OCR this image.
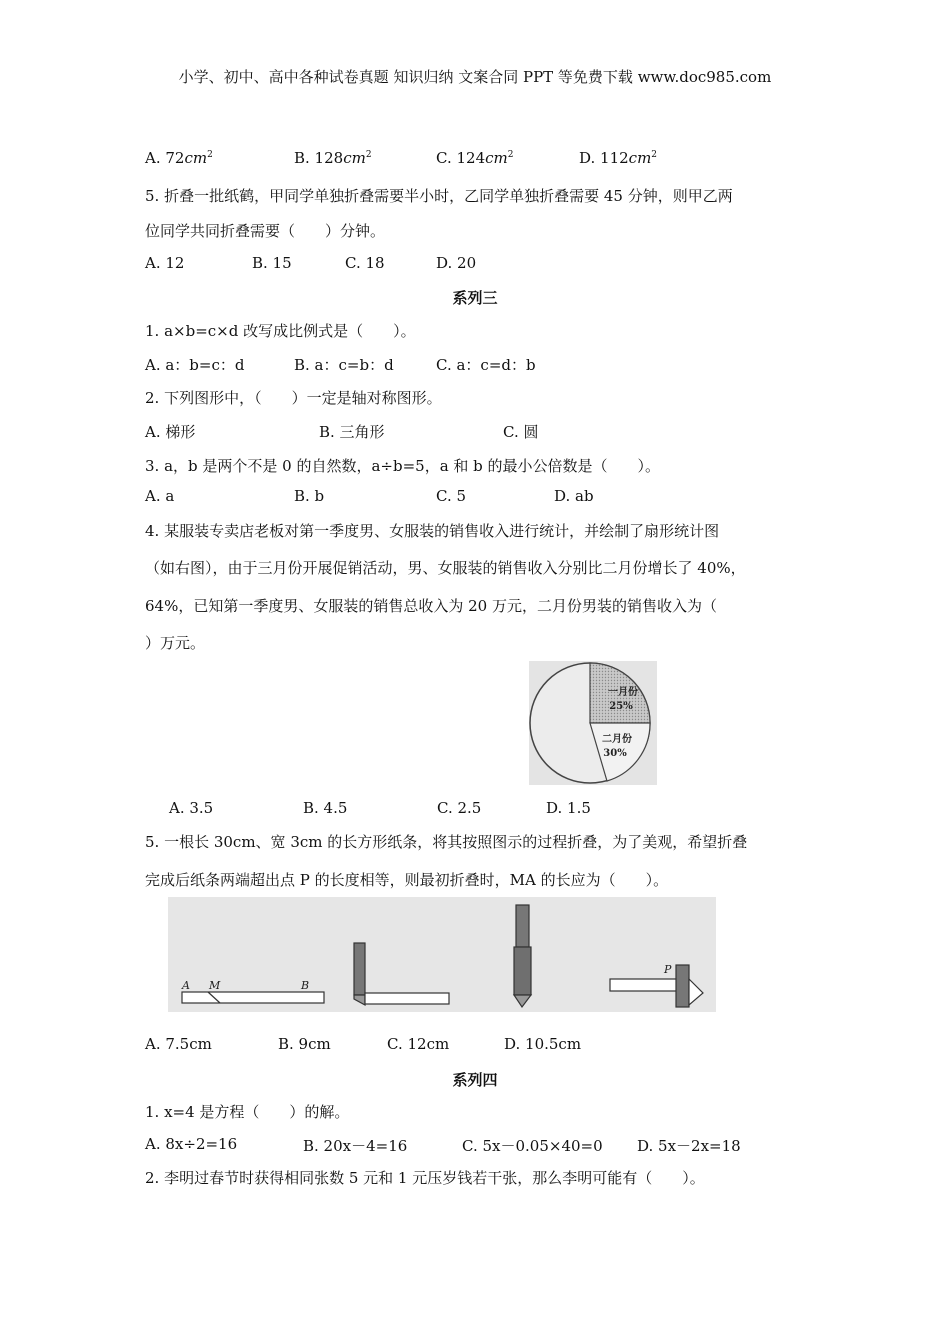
小学、初中、高中各种试卷真题 知识归纳 文案合同 PPT 等免费下载 www.doc985.com
A. $72cm^2$	B. $128cm^2$	C. $124cm^2$	D. $112cm^2$
5. 折叠一批纸鹤，甲同学单独折叠需要半小时，乙同学单独折叠需要 45 分钟，则甲乙两
位同学共同折叠需要（　　）分钟。
A. 12	B. 15	C. 18	D. 20
系列三
1. a×b=c×d 改写成比例式是（　　）。
A. a：b=c：d	B. a：c=b：d	C. a：c=d：b
2. 下列图形中，（　　）一定是轴对称图形。
A. 梯形	B. 三角形	C. 圆
3. a，b 是两个不是 0 的自然数，a÷b=5，a 和 b 的最小公倍数是（　　）。
A. a	B. b	C. 5	D. ab
4. 某服装专卖店老板对第一季度男、女服装的销售收入进行统计，并绘制了扇形统计图
（如右图），由于三月份开展促销活动，男、女服装的销售收入分别比二月份增长了 40%，
64%，已知第一季度男、女服装的销售总收入为 20 万元，二月份男装的销售收入为（
）万元。
一月份
25%
二月份
30%
A. 3.5	B. 4.5	C. 2.5	D. 1.5
5. 一根长 30cm、宽 3cm 的长方形纸条，将其按照图示的过程折叠，为了美观，希望折叠
完成后纸条两端超出点 P 的长度相等，则最初折叠时，MA 的长应为（　　）。
A M	B
P
A. 7.5cm	B. 9cm	C. 12cm	D. 10.5cm
系列四
1. x=4 是方程（　　）的解。
A. 8x÷2=16	B. 20x－4=16	C. 5x－0.05×40=0 D. 5x－2x=18
2. 李明过春节时获得相同张数 5 元和 1 元压岁钱若干张，那么李明可能有（　　）。
